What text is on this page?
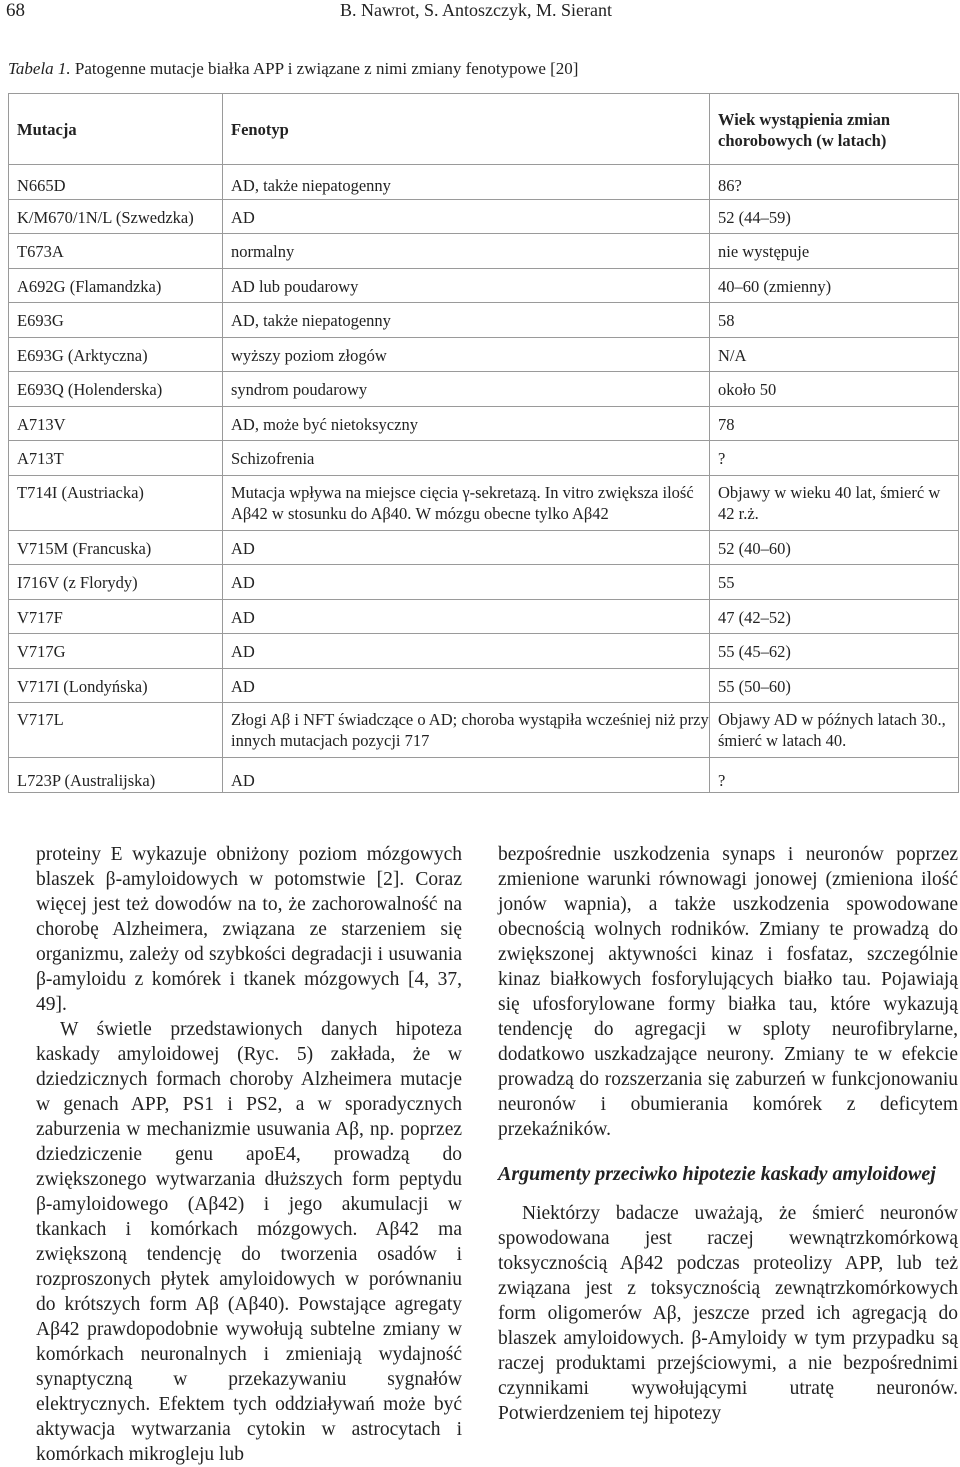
68	B. Nawrot, S. Antoszczyk, M. Sierant
Tabela 1. Patogenne mutacje białka APP i związane z nimi zmiany fenotypowe [20]
Mutacja	Fenotyp	Wiek wystąpienia zmian chorobowych (w latach)
N665D	AD, także niepatogenny	86?
K/M670/1N/L (Szwedzka)	AD	52 (44–59)
T673A	normalny	nie występuje
A692G (Flamandzka)	AD lub poudarowy	40–60 (zmienny)
E693G	AD, także niepatogenny	58
E693G (Arktyczna)	wyższy poziom złogów	N/A
E693Q (Holenderska)	syndrom poudarowy	około 50
A713V	AD, może być nietoksyczny	78
A713T	Schizofrenia	?
T714I (Austriacka)	Mutacja wpływa na miejsce cięcia γ-sekretazą. In vitro zwiększa ilość Aβ42 w stosunku do Aβ40. W mózgu obecne tylko Aβ42	Objawy w wieku 40 lat, śmierć w 42 r.ż.
V715M (Francuska)	AD	52 (40–60)
I716V (z Florydy)	AD	55
V717F	AD	47 (42–52)
V717G	AD	55 (45–62)
V717I (Londyńska)	AD	55 (50–60)
V717L	Złogi Aβ i NFT świadczące o AD; choroba wystąpiła wcześniej niż przy innych mutacjach pozycji 717	Objawy AD w późnych latach 30., śmierć w latach 40.
L723P (Australijska)	AD	?

proteiny E wykazuje obniżony poziom mózgowych blaszek β-amyloidowych w potomstwie [2]. Coraz więcej jest też dowodów na to, że zachorowalność na chorobę Alzheimera, związana ze starzeniem się organizmu, zależy od szybkości degradacji i usuwania β-amyloidu z komórek i tkanek mózgowych [4, 37, 49].

W świetle przedstawionych danych hipoteza kaskady amyloidowej (Ryc. 5) zakłada, że w dziedzicznych formach choroby Alzheimera mutacje w genach APP, PS1 i PS2, a w sporadycznych zaburzenia w mechanizmie usuwania Aβ, np. poprzez dziedziczenie genu apoE4, prowadzą do zwiększonego wytwarzania dłuższych form peptydu β-amyloidowego (Aβ42) i jego akumulacji w tkankach i komórkach mózgowych. Aβ42 ma zwiększoną tendencję do tworzenia osadów i rozproszonych płytek amyloidowych w porównaniu do krótszych form Aβ (Aβ40). Powstające agregaty Aβ42 prawdopodobnie wywołują subtelne zmiany w komórkach neuronalnych i zmieniają wydajność synaptyczną w przekazywaniu sygnałów elektrycznych. Efektem tych oddziaływań może być aktywacja wytwarzania cytokin w astrocytach i komórkach mikrogleju lub

bezpośrednie uszkodzenia synaps i neuronów poprzez zmienione warunki równowagi jonowej (zmieniona ilość jonów wapnia), a także uszkodzenia spowodowane obecnością wolnych rodników. Zmiany te prowadzą do zwiększonej aktywności kinaz i fosfataz, szczególnie kinaz białkowych fosforylujących białko tau. Pojawiają się ufosforylowane formy białka tau, które wykazują tendencję do agregacji w sploty neurofibrylarne, dodatkowo uszkadzające neurony. Zmiany te w efekcie prowadzą do rozszerzania się zaburzeń w funkcjonowaniu neuronów i obumierania komórek z deficytem przekaźników.

Argumenty przeciwko hipotezie kaskady amyloidowej

Niektórzy badacze uważają, że śmierć neuronów spowodowana jest raczej wewnątrzkomórkową toksycznością Aβ42 podczas proteolizy APP, lub też związana jest z toksycznością zewnątrzkomórkowych form oligomerów Aβ, jeszcze przed ich agregacją do blaszek amyloidowych. β-Amyloidy w tym przypadku są raczej produktami przejściowymi, a nie bezpośrednimi czynnikami wywołującymi utratę neuronów. Potwierdzeniem tej hipotezy
